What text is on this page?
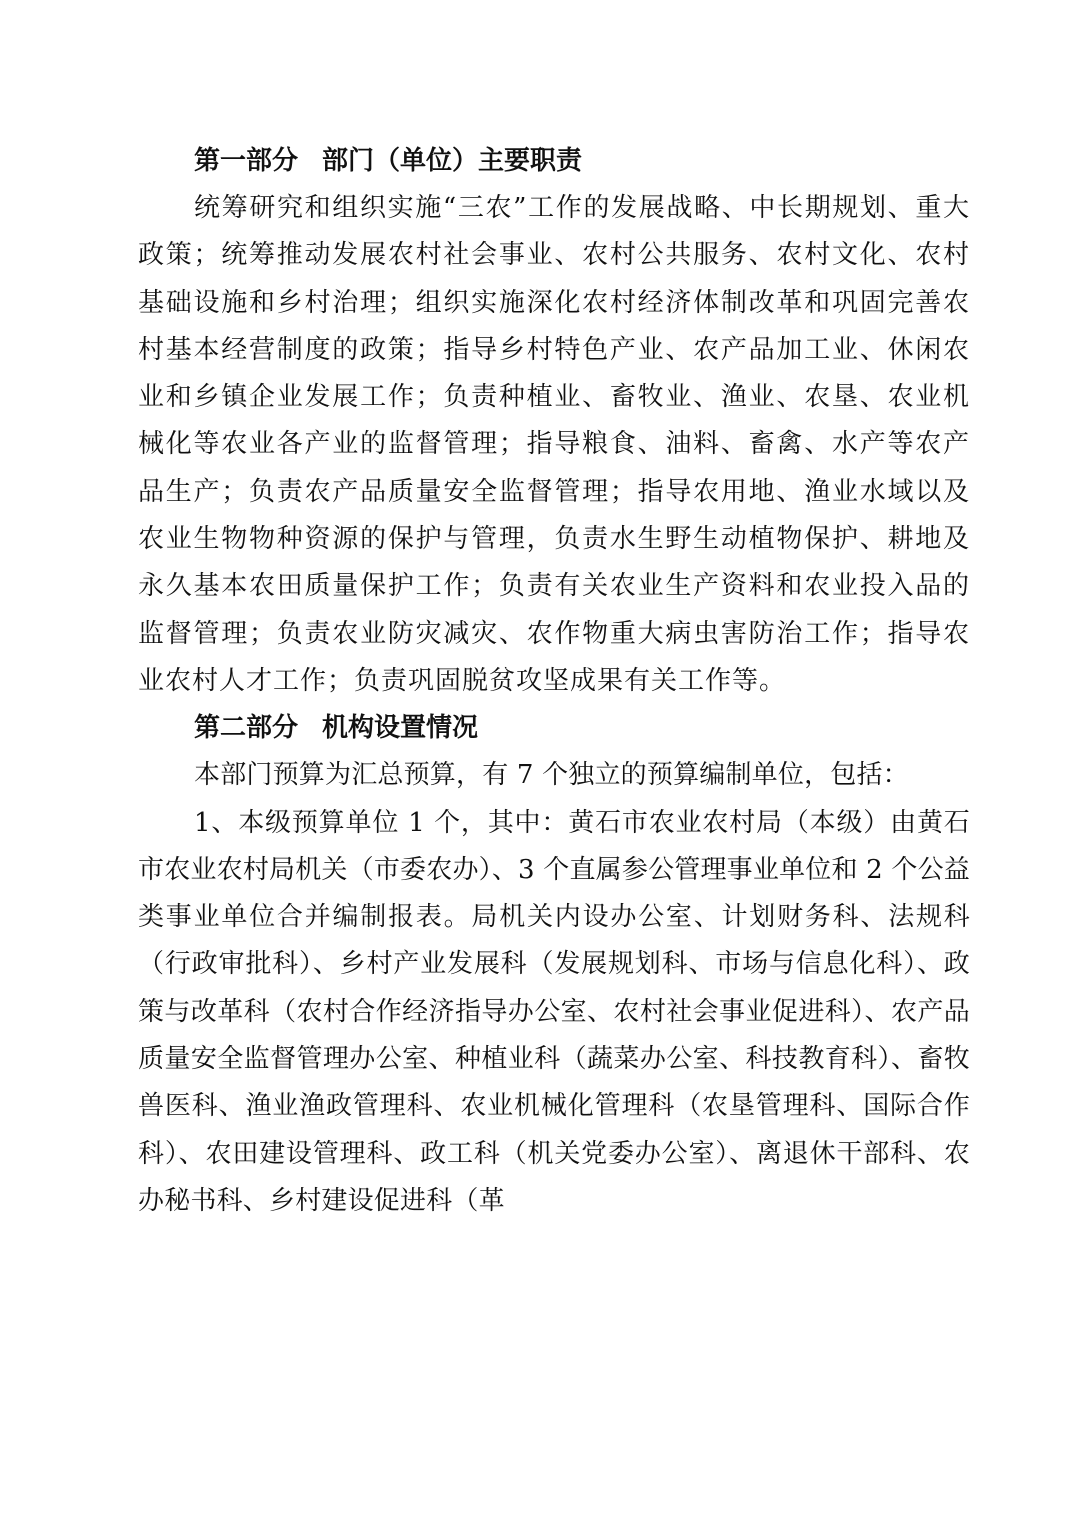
第一部分 部门（单位）主要职责

统筹研究和组织实施“三农”工作的发展战略、中长期规划、重大政策；统筹推动发展农村社会事业、农村公共服务、农村文化、农村基础设施和乡村治理；组织实施深化农村经济体制改革和巩固完善农村基本经营制度的政策；指导乡村特色产业、农产品加工业、休闲农业和乡镇企业发展工作；负责种植业、畜牧业、渔业、农垦、农业机械化等农业各产业的监督管理；指导粮食、油料、畜禽、水产等农产品生产；负责农产品质量安全监督管理；指导农用地、渔业水域以及农业生物物种资源的保护与管理，负责水生野生动植物保护、耕地及永久基本农田质量保护工作；负责有关农业生产资料和农业投入品的监督管理；负责农业防灾减灾、农作物重大病虫害防治工作；指导农业农村人才工作；负责巩固脱贫攻坚成果有关工作等。

第二部分 机构设置情况

本部门预算为汇总预算，有 7 个独立的预算编制单位，包括：

1、本级预算单位 1 个，其中：黄石市农业农村局（本级）由黄石市农业农村局机关（市委农办）、3 个直属参公管理事业单位和 2 个公益类事业单位合并编制报表。局机关内设办公室、计划财务科、法规科（行政审批科）、乡村产业发展科（发展规划科、市场与信息化科）、政策与改革科（农村合作经济指导办公室、农村社会事业促进科）、农产品质量安全监督管理办公室、种植业科（蔬菜办公室、科技教育科）、畜牧兽医科、渔业渔政管理科、农业机械化管理科（农垦管理科、国际合作科）、农田建设管理科、政工科（机关党委办公室）、离退休干部科、农办秘书科、乡村建设促进科（革
